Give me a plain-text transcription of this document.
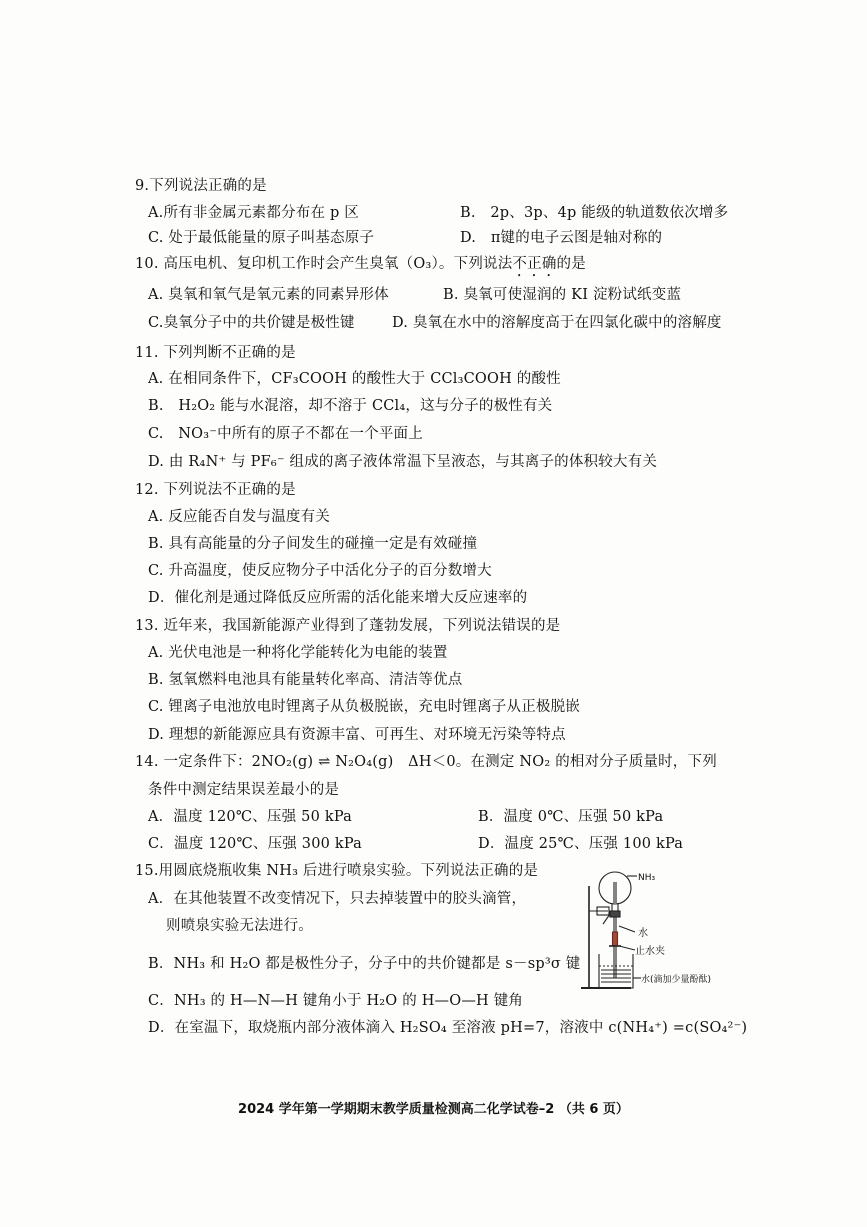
9.下列说法正确的是
A.所有非金属元素都分布在 p 区	B.　2p、3p、4p 能级的轨道数依次增多
C. 处于最低能量的原子叫基态原子	D.　π键的电子云图是轴对称的
10. 高压电机、复印机工作时会产生臭氧（O₃）。下列说法不正确的是
A. 臭氧和氧气是氧元素的同素异形体	B. 臭氧可使湿润的 KI 淀粉试纸变蓝
C.臭氧分子中的共价键是极性键	D. 臭氧在水中的溶解度高于在四氯化碳中的溶解度
11. 下列判断不正确的是
A. 在相同条件下，CF₃COOH 的酸性大于 CCl₃COOH 的酸性
B.　H₂O₂ 能与水混溶，却不溶于 CCl₄，这与分子的极性有关
C.　NO₃⁻中所有的原子不都在一个平面上
D. 由 R₄N⁺ 与 PF₆⁻ 组成的离子液体常温下呈液态，与其离子的体积较大有关
12. 下列说法不正确的是
A. 反应能否自发与温度有关
B. 具有高能量的分子间发生的碰撞一定是有效碰撞
C. 升高温度，使反应物分子中活化分子的百分数增大
D．催化剂是通过降低反应所需的活化能来增大反应速率的
13. 近年来，我国新能源产业得到了蓬勃发展，下列说法错误的是
A. 光伏电池是一种将化学能转化为电能的装置
B. 氢氧燃料电池具有能量转化率高、清洁等优点
C. 锂离子电池放电时锂离子从负极脱嵌，充电时锂离子从正极脱嵌
D. 理想的新能源应具有资源丰富、可再生、对环境无污染等特点
14. 一定条件下：2NO₂(g) ⇌ N₂O₄(g)　ΔH＜0。在测定 NO₂ 的相对分子质量时，下列
条件中测定结果误差最小的是
A．温度 120℃、压强 50 kPa	B．温度 0℃、压强 50 kPa
C．温度 120℃、压强 300 kPa	D．温度 25℃、压强 100 kPa
15.用圆底烧瓶收集 NH₃ 后进行喷泉实验。下列说法正确的是
A．在其他装置不改变情况下，只去掉装置中的胶头滴管，
则喷泉实验无法进行。
B．NH₃ 和 H₂O 都是极性分子，分子中的共价键都是 s－sp³σ 键
C．NH₃ 的 H—N—H 键角小于 H₂O 的 H—O—H 键角
D．在室温下，取烧瓶内部分液体滴入 H₂SO₄ 至溶液 pH=7，溶液中 c(NH₄⁺) =c(SO₄²⁻)
NH₃
水
止水夹
水(滴加少量酚酞)
2024 学年第一学期期末教学质量检测高二化学试卷–2 （共 6 页）
